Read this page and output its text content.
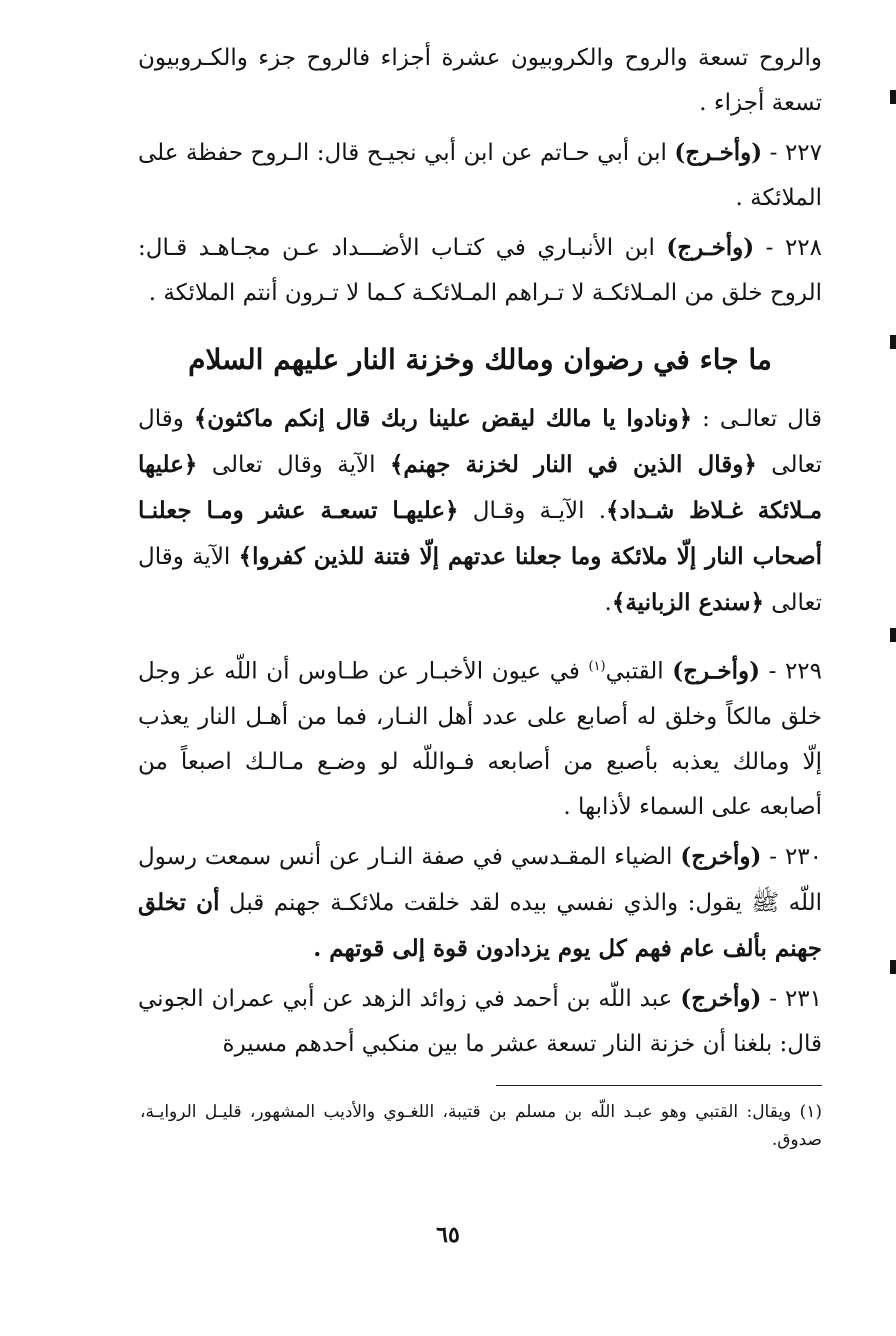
والروح تسعة والروح والكروبيون عشرة أجزاء فالروح جزء والكـروبيون تسعة أجزاء .

٢٢٧ - (وأخـرج) ابن أبي حـاتم عن ابن أبي نجيـح قال: الـروح حفظة على الملائكة .

٢٢٨ - (وأخـرج) ابن الأنبـاري في كتـاب الأضـــداد عـن مجـاهـد قـال: الروح خلق من المـلائكـة لا تـراهم المـلائكـة كـما لا تـرون أنتم الملائكة .

ما جاء في رضوان ومالك وخزنة النار عليهم السلام

قال تعالـى : ﴿ونادوا يا مالك ليقض علينا ربك قال إنكم ماكثون﴾ وقال تعالى ﴿وقال الذين في النار لخزنة جهنم﴾ الآية وقال تعالى ﴿عليها مـلائكة غـلاظ شـداد﴾. الآيـة وقـال ﴿عليهـا تسعـة عشر ومـا جعلنـا أصحاب النار إلّا ملائكة وما جعلنا عدتهم إلّا فتنة للذين كفروا﴾ الآية وقال تعالى ﴿سندع الزبانية﴾.

٢٢٩ - (وأخـرج) القتبي$^{(١)}$ في عيون الأخبـار عن طـاوس أن اللّه عز وجل خلق مالكاً وخلق له أصابع على عدد أهل النـار، فما من أهـل النار يعذب إلّا ومالك يعذبه بأصبع من أصابعه فـواللّه لو وضـع مـالـك اصبعاً من أصابعه على السماء لأذابها .

٢٣٠ - (وأخرج) الضياء المقـدسي في صفة النـار عن أنس سمعت رسول اللّه ﷺ يقول: والذي نفسي بيده لقد خلقت ملائكـة جهنم قبل أن تخلق جهنم بألف عام فهم كل يوم يزدادون قوة إلى قوتهم .

٢٣١ - (وأخرج) عبد اللّه بن أحمد في زوائد الزهد عن أبي عمران الجوني قال: بلغنا أن خزنة النار تسعة عشر ما بين منكبي أحدهم مسيرة

(١) ويقال: القتبي وهو عبـد اللّه بن مسلم بن قتيبة، اللغـوي والأديب المشهور، قليـل الروايـة، صدوق.
٦٥
